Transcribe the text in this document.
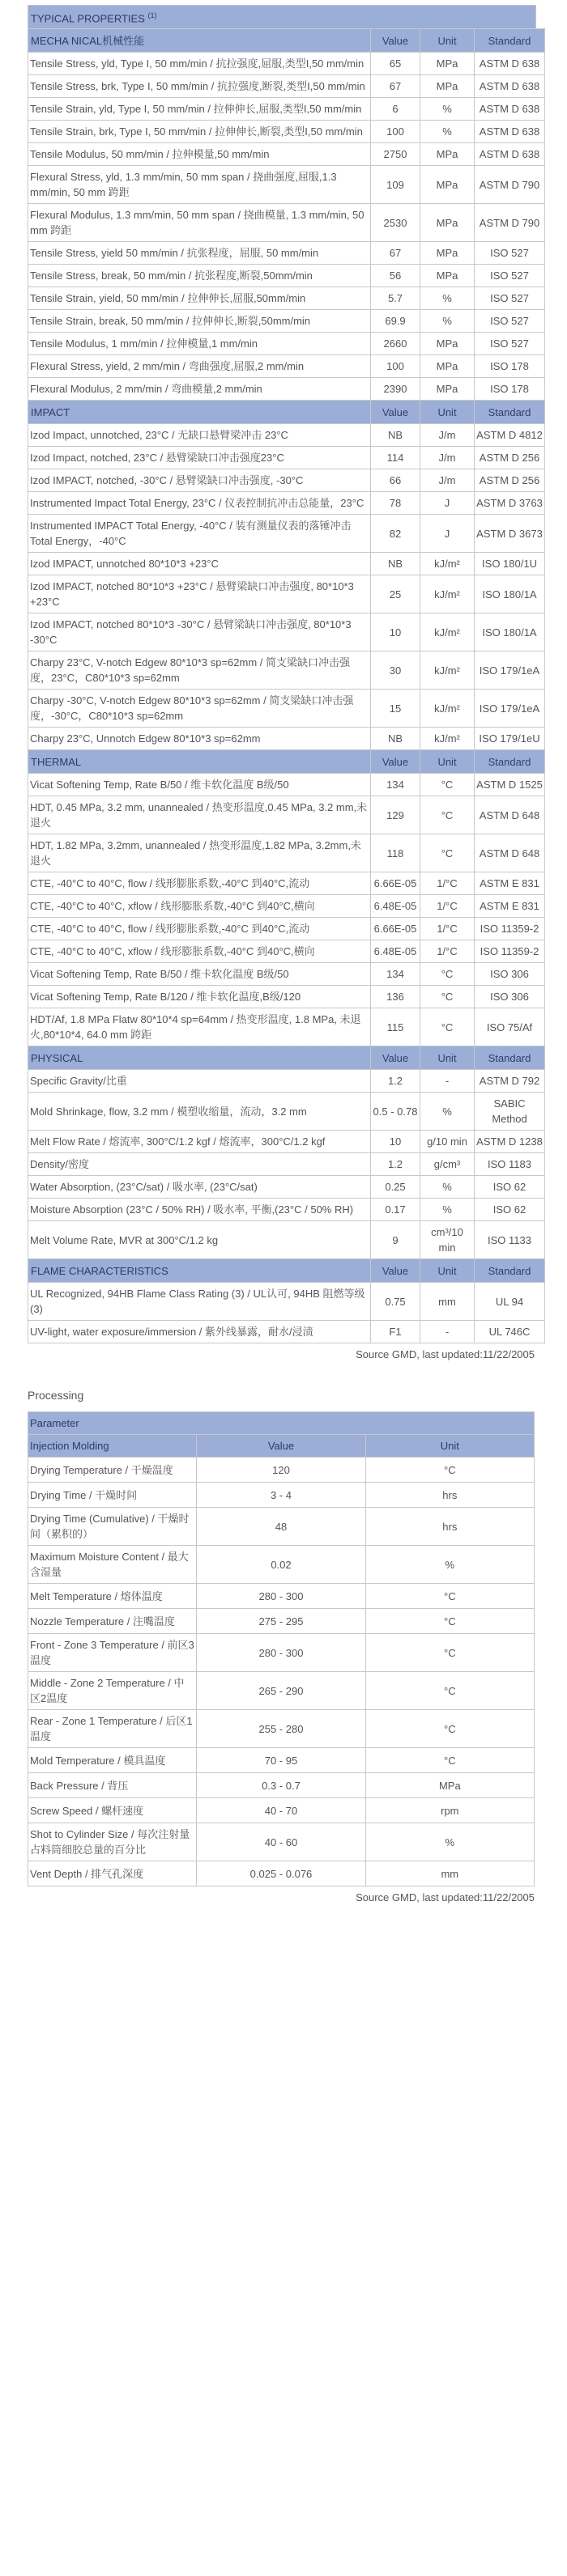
TYPICAL PROPERTIES $^{(1)}$
MECHA NICAL机械性能	Value	Unit	Standard
Tensile Stress, yld, Type I, 50 mm/min / 抗拉强度,屈服,类型I,50 mm/min	65	MPa	ASTM D 638
Tensile Stress, brk, Type I, 50 mm/min / 抗拉强度,断裂,类型I,50 mm/min	67	MPa	ASTM D 638
Tensile Strain, yld, Type I, 50 mm/min / 拉伸伸长,屈服,类型I,50 mm/min	6	%	ASTM D 638
Tensile Strain, brk, Type I, 50 mm/min / 拉伸伸长,断裂,类型I,50 mm/min	100	%	ASTM D 638
Tensile Modulus, 50 mm/min / 拉伸模量,50 mm/min	2750	MPa	ASTM D 638
Flexural Stress, yld, 1.3 mm/min, 50 mm span / 挠曲强度,屈服,1.3 mm/min, 50 mm 跨距	109	MPa	ASTM D 790
Flexural Modulus, 1.3 mm/min, 50 mm span / 挠曲模量, 1.3 mm/min, 50 mm 跨距	2530	MPa	ASTM D 790
Tensile Stress, yield 50 mm/min / 抗张程度，屈服, 50 mm/min	67	MPa	ISO 527
Tensile Stress, break, 50 mm/min / 抗张程度,断裂,50mm/min	56	MPa	ISO 527
Tensile Strain, yield, 50 mm/min / 拉伸伸长,屈服,50mm/min	5.7	%	ISO 527
Tensile Strain, break, 50 mm/min / 拉伸伸长,断裂,50mm/min	69.9	%	ISO 527
Tensile Modulus, 1 mm/min / 拉伸模量,1 mm/min	2660	MPa	ISO 527
Flexural Stress, yield, 2 mm/min / 弯曲强度,屈服,2 mm/min	100	MPa	ISO 178
Flexural Modulus, 2 mm/min / 弯曲模量,2 mm/min	2390	MPa	ISO 178
IMPACT	Value	Unit	Standard
Izod Impact, unnotched, 23°C / 无缺口悬臂梁冲击 23°C	NB	J/m	ASTM D 4812
Izod Impact, notched, 23°C / 悬臂梁缺口冲击强度23°C	114	J/m	ASTM D 256
Izod IMPACT, notched, -30°C / 悬臂梁缺口冲击强度, -30°C	66	J/m	ASTM D 256
Instrumented Impact Total Energy, 23°C / 仪表控制抗冲击总能量，23°C	78	J	ASTM D 3763
Instrumented IMPACT Total Energy, -40°C / 装有测量仪表的落锤冲击Total Energy，-40°C	82	J	ASTM D 3673
Izod IMPACT, unnotched 80*10*3 +23°C	NB	kJ/m²	ISO 180/1U
Izod IMPACT, notched 80*10*3 +23°C / 悬臂梁缺口冲击强度, 80*10*3 +23°C	25	kJ/m²	ISO 180/1A
Izod IMPACT, notched 80*10*3 -30°C / 悬臂梁缺口冲击强度, 80*10*3 -30°C	10	kJ/m²	ISO 180/1A
Charpy 23°C, V-notch Edgew 80*10*3 sp=62mm / 简支梁缺口冲击强度，23°C，C80*10*3 sp=62mm	30	kJ/m²	ISO 179/1eA
Charpy -30°C, V-notch Edgew 80*10*3 sp=62mm / 简支梁缺口冲击强度，-30°C，C80*10*3 sp=62mm	15	kJ/m²	ISO 179/1eA
Charpy 23°C, Unnotch Edgew 80*10*3 sp=62mm	NB	kJ/m²	ISO 179/1eU
THERMAL	Value	Unit	Standard
Vicat Softening Temp, Rate B/50 / 维卡软化温度 B级/50	134	°C	ASTM D 1525
HDT, 0.45 MPa, 3.2 mm, unannealed / 热变形温度,0.45 MPa, 3.2 mm,未退火	129	°C	ASTM D 648
HDT, 1.82 MPa, 3.2mm, unannealed / 热变形温度,1.82 MPa, 3.2mm,未退火	118	°C	ASTM D 648
CTE, -40°C to 40°C, flow / 线形膨胀系数,-40°C 到40°C,流动	6.66E-05	1/°C	ASTM E 831
CTE, -40°C to 40°C, xflow / 线形膨胀系数,-40°C 到40°C,横向	6.48E-05	1/°C	ASTM E 831
CTE, -40°C to 40°C, flow / 线形膨胀系数,-40°C 到40°C,流动	6.66E-05	1/°C	ISO 11359-2
CTE, -40°C to 40°C, xflow / 线形膨胀系数,-40°C 到40°C,横向	6.48E-05	1/°C	ISO 11359-2
Vicat Softening Temp, Rate B/50 / 维卡软化温度 B级/50	134	°C	ISO 306
Vicat Softening Temp, Rate B/120 / 维卡软化温度,B级/120	136	°C	ISO 306
HDT/Af, 1.8 MPa Flatw 80*10*4 sp=64mm / 热变形温度, 1.8 MPa, 未退火,80*10*4, 64.0 mm 跨距	115	°C	ISO 75/Af
PHYSICAL	Value	Unit	Standard
Specific Gravity/比重	1.2	-	ASTM D 792
Mold Shrinkage, flow, 3.2 mm / 模塑收缩量，流动，3.2 mm	0.5 - 0.78	%	SABIC Method
Melt Flow Rate / 熔流率, 300°C/1.2 kgf / 熔流率，300°C/1.2 kgf	10	g/10 min	ASTM D 1238
Density/密度	1.2	g/cm³	ISO 1183
Water Absorption, (23°C/sat) / 吸水率, (23°C/sat)	0.25	%	ISO 62
Moisture Absorption (23°C / 50% RH) / 吸水率, 平衡,(23°C / 50% RH)	0.17	%	ISO 62
Melt Volume Rate, MVR at 300°C/1.2 kg	9	cm³/10 min	ISO 1133
FLAME CHARACTERISTICS	Value	Unit	Standard
UL Recognized, 94HB Flame Class Rating (3) / UL认可, 94HB 阻燃等级(3)	0.75	mm	UL 94
UV-light, water exposure/immersion / 紫外线暴露，耐水/浸渍	F1	-	UL 746C
Source GMD, last updated:11/22/2005
Processing
Parameter		
Injection Molding	Value	Unit
Drying Temperature / 干燥温度	120	°C
Drying Time / 干燥时间	3 - 4	hrs
Drying Time (Cumulative) / 干燥时间（累积的）	48	hrs
Maximum Moisture Content / 最大含湿量	0.02	%
Melt Temperature / 熔体温度	280 - 300	°C
Nozzle Temperature / 注嘴温度	275 - 295	°C
Front - Zone 3 Temperature / 前区3温度	280 - 300	°C
Middle - Zone 2 Temperature / 中区2温度	265 - 290	°C
Rear - Zone 1 Temperature / 后区1温度	255 - 280	°C
Mold Temperature / 模具温度	70 - 95	°C
Back Pressure / 背压	0.3 - 0.7	MPa
Screw Speed / 螺杆速度	40 - 70	rpm
Shot to Cylinder Size / 每次注射量占料筒细胶总量的百分比	40 - 60	%
Vent Depth / 排气孔深度	0.025 - 0.076	mm
Source GMD, last updated:11/22/2005
